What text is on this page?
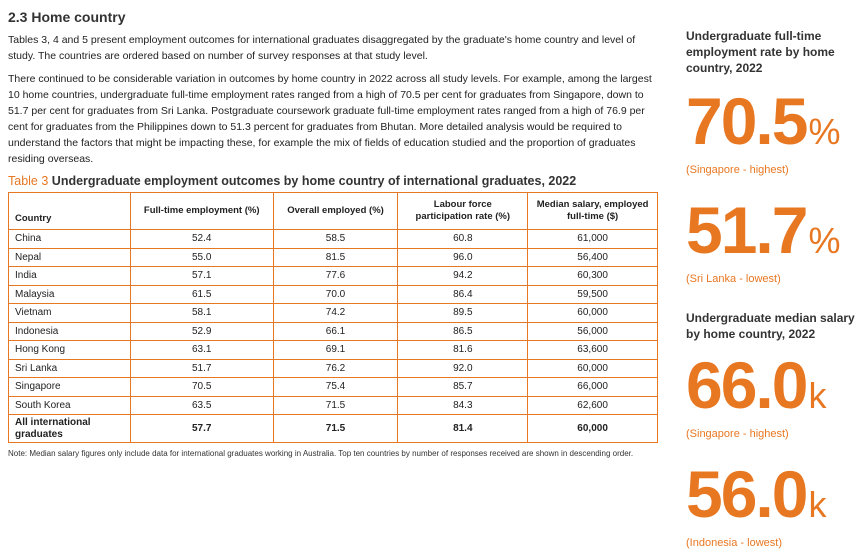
2.3 Home country

Tables 3, 4 and 5 present employment outcomes for international graduates disaggregated by the graduate's home country and level of study. The countries are ordered based on number of survey responses at that study level.

There continued to be considerable variation in outcomes by home country in 2022 across all study levels. For example, among the largest 10 home countries, undergraduate full-time employment rates ranged from a high of 70.5 per cent for graduates from Singapore, down to 51.7 per cent for graduates from Sri Lanka. Postgraduate coursework graduate full-time employment rates ranged from a high of 76.9 per cent for graduates from the Philippines down to 51.3 percent for graduates from Bhutan. More detailed analysis would be required to understand the factors that might be impacting these, for example the mix of fields of education studied and the proportion of graduates residing overseas.

Table 3 Undergraduate employment outcomes by home country of international graduates, 2022
Country	Full-time employment (%)	Overall employed (%)	Labour force participation rate (%)	Median salary, employed full-time ($)
China	52.4	58.5	60.8	61,000
Nepal	55.0	81.5	96.0	56,400
India	57.1	77.6	94.2	60,300
Malaysia	61.5	70.0	86.4	59,500
Vietnam	58.1	74.2	89.5	60,000
Indonesia	52.9	66.1	86.5	56,000
Hong Kong	63.1	69.1	81.6	63,600
Sri Lanka	51.7	76.2	92.0	60,000
Singapore	70.5	75.4	85.7	66,000
South Korea	63.5	71.5	84.3	62,600
All international graduates	57.7	71.5	81.4	60,000
Note: Median salary figures only include data for international graduates working in Australia. Top ten countries by number of responses received are shown in descending order.
Undergraduate full-time employment rate by home country, 2022
70.5%
(Singapore - highest)
51.7%
(Sri Lanka - lowest)
Undergraduate median salary by home country, 2022
66.0k
(Singapore - highest)
56.0k
(Indonesia - lowest)
